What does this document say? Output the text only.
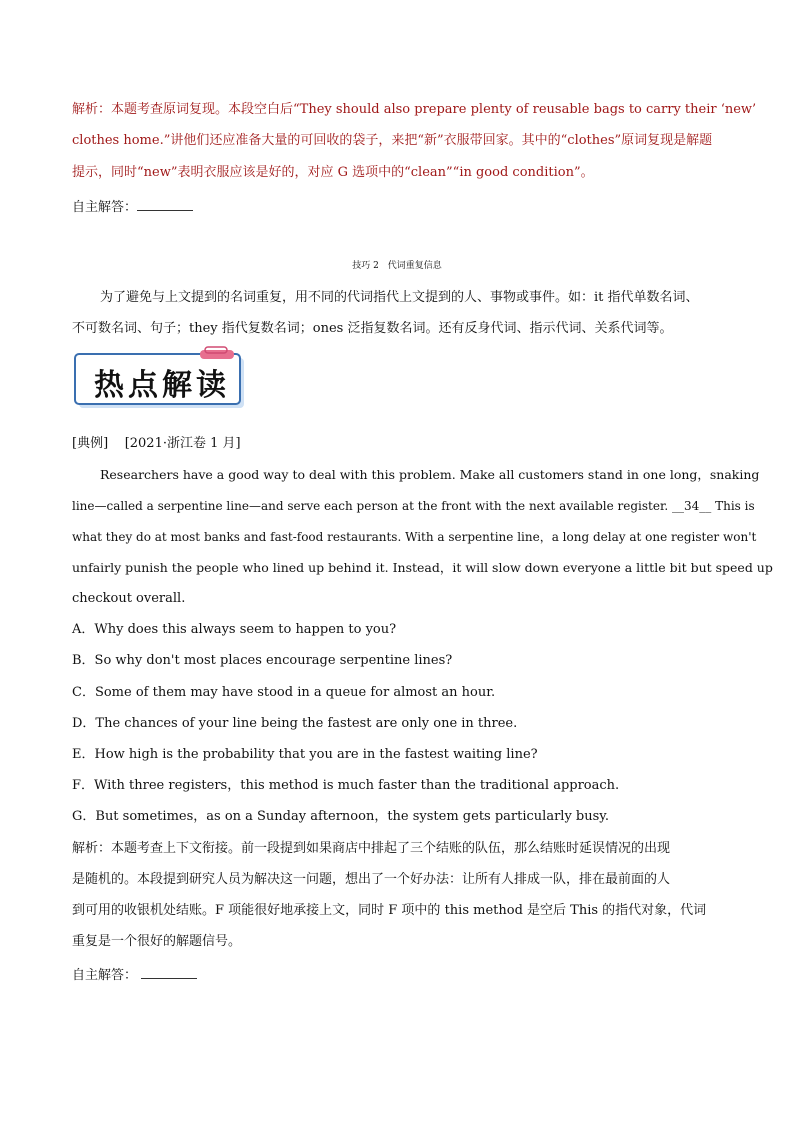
解析：本题考查原词复现。本段空白后“They should also prepare plenty of reusable bags to carry their ‘new’
clothes home.”讲他们还应准备大量的可回收的袋子，来把“新”衣服带回家。其中的“clothes”原词复现是解题
提示，同时“new”表明衣服应该是好的，对应 G 选项中的“clean”“in good condition”。
自主解答：
技巧 2　代词重复信息
为了避免与上文提到的名词重复，用不同的代词指代上文提到的人、事物或事件。如：it 指代单数名词、
不可数名词、句子；they 指代复数名词；ones 泛指复数名词。还有反身代词、指示代词、关系代词等。
热点解读
[典例] [2021·浙江卷 1 月]
Researchers have a good way to deal with this problem. Make all customers stand in one long，snaking
line—called a serpentine line—and serve each person at the front with the next available register. __34__ This is
what they do at most banks and fast-food restaurants. With a serpentine line，a long delay at one register won't
unfairly punish the people who lined up behind it. Instead，it will slow down everyone a little bit but speed up
checkout overall.
A．Why does this always seem to happen to you?
B．So why don't most places encourage serpentine lines?
C．Some of them may have stood in a queue for almost an hour.
D．The chances of your line being the fastest are only one in three.
E．How high is the probability that you are in the fastest waiting line?
F．With three registers，this method is much faster than the traditional approach.
G．But sometimes，as on a Sunday afternoon，the system gets particularly busy.
解析：本题考查上下文衔接。前一段提到如果商店中排起了三个结账的队伍，那么结账时延误情况的出现
是随机的。本段提到研究人员为解决这一问题，想出了一个好办法：让所有人排成一队，排在最前面的人
到可用的收银机处结账。F 项能很好地承接上文，同时 F 项中的 this method 是空后 This 的指代对象，代词
重复是一个很好的解题信号。
自主解答：
